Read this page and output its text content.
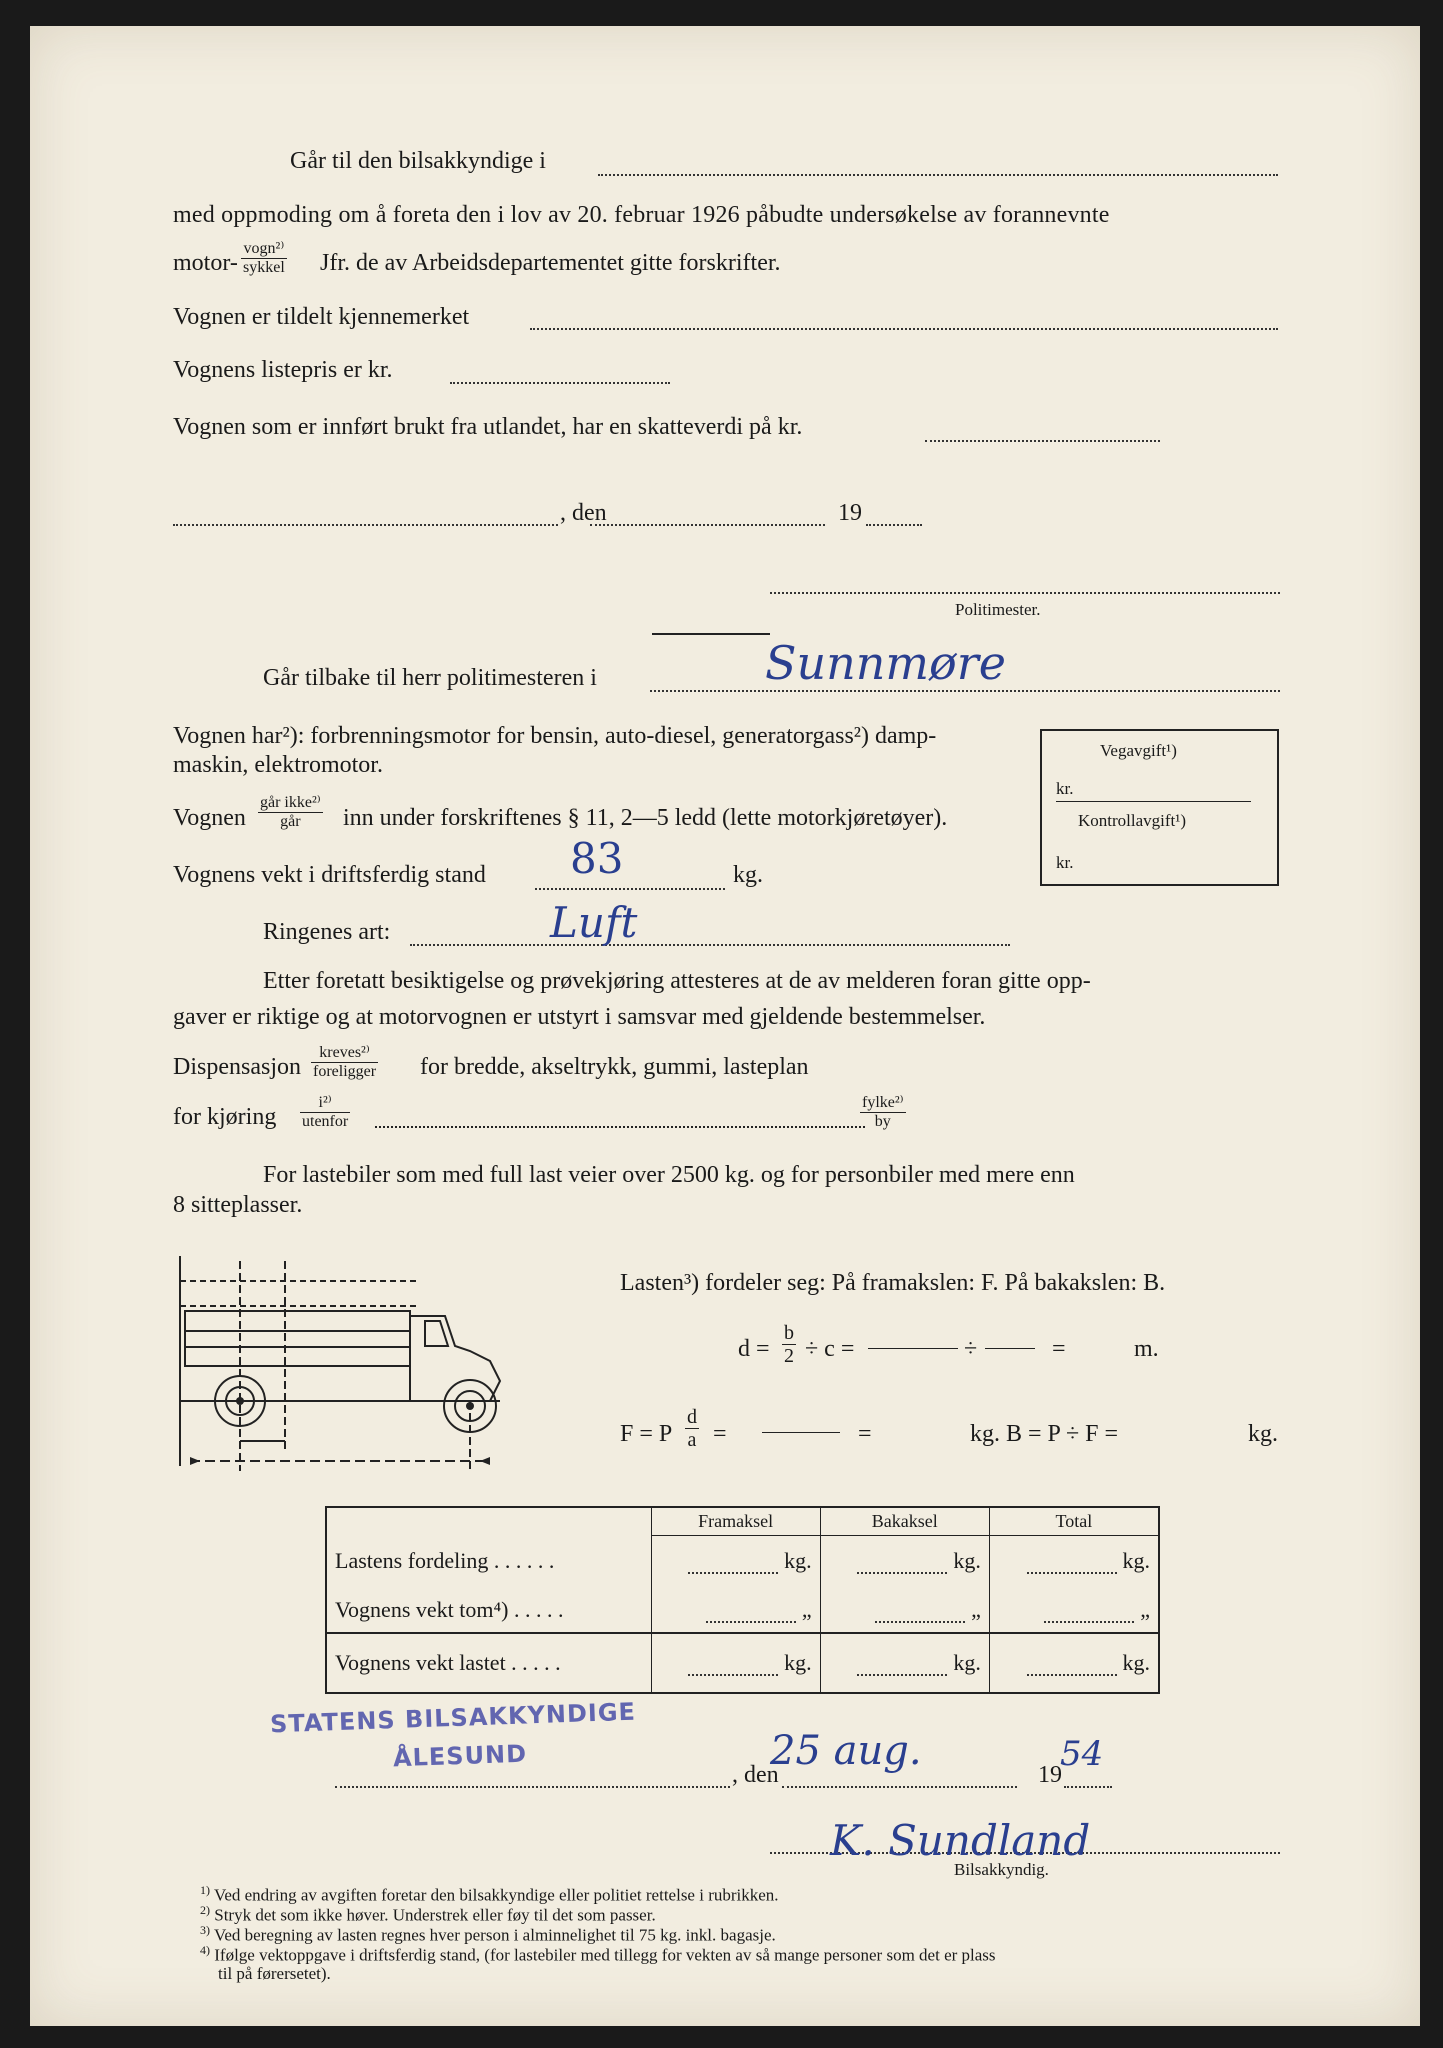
Går til den bilsakkyndige i
med oppmoding om å foreta den i lov av 20. februar 1926 påbudte undersøkelse av forannevnte
motor-
vogn²⁾
sykkel Jfr. de av Arbeidsdepartementet gitte forskrifter.
Vognen er tildelt kjennemerket
Vognens listepris er kr.
Vognen som er innført brukt fra utlandet, har en skatteverdi på kr.
, den	19
Politimester.
Går tilbake til herr politimesteren i	Sunnmøre
Vognen har²): forbrenningsmotor for bensin, auto-diesel, generatorgass²) damp-
maskin, elektromotor.
Vognen
går ikke²⁾
går	inn under forskriftenes § 11, 2—5 ledd (lette motorkjøretøyer).
Vegavgift¹)
kr.
Kontrollavgift¹)
kr.
Vognens vekt i driftsferdig stand 83	kg.
Ringenes art:	Luft
Etter foretatt besiktigelse og prøvekjøring attesteres at de av melderen foran gitte opp-
gaver er riktige og at motorvognen er utstyrt i samsvar med gjeldende bestemmelser.
Dispensasjon
kreves²⁾
foreligger for bredde, akseltrykk, gummi, lasteplan
for kjøring
i²⁾
utenfor
fylke²⁾
by
For lastebiler som med full last veier over 2500 kg. og for personbiler med mere enn
8 sitteplasser.
Lasten³) fordeler seg: På framakslen: F. På bakakslen: B.
$d = \frac{b}{2} \div c$ =	÷	=	m.
F = P $\frac{d}{a}$ =	=	kg. B = P ÷ F =	kg.
	Framaksel	Bakaksel	Total
Lastens fordeling . . . . . .	kg.	kg.	kg.

Vognens vekt tom⁴) . . . . .	„	„	„

Vognens vekt lastet . . . . .	kg.	kg.	kg.
STATENS BILSAKKYNDIGE
ÅLESUND
, den
25 aug.
19
54
K. Sundland
Bilsakkyndig.
$^{1)}$ Ved endring av avgiften foretar den bilsakkyndige eller politiet rettelse i rubrikken.
$^{2)}$ Stryk det som ikke høver. Understrek eller føy til det som passer.
$^{3)}$ Ved beregning av lasten regnes hver person i alminnelighet til 75 kg. inkl. bagasje.
$^{4)}$ Ifølge vektoppgave i driftsferdig stand, (for lastebiler med tillegg for vekten av så mange personer som det er plass
til på førersetet).
